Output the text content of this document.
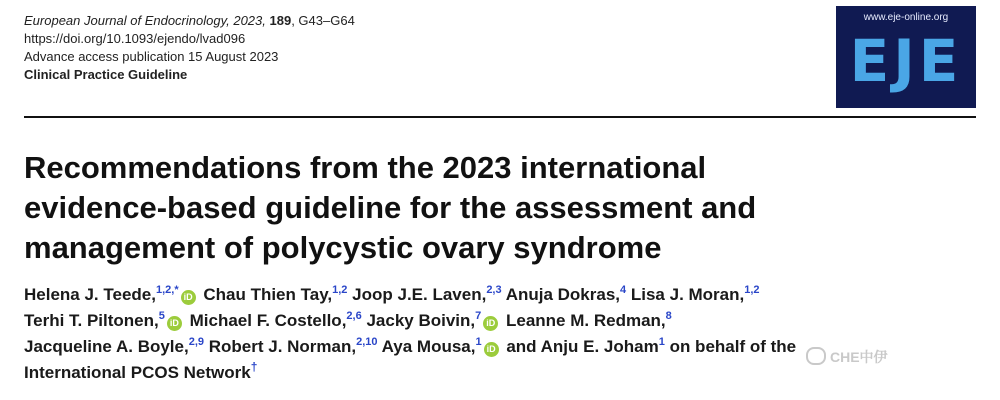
European Journal of Endocrinology, 2023, 189, G43–G64
https://doi.org/10.1093/ejendo/lvad096
Advance access publication 15 August 2023
Clinical Practice Guideline
www.eje-online.org
EJE
Recommendations from the 2023 international
evidence-based guideline for the assessment and
management of polycystic ovary syndrome
Helena J. Teede,$^{1,2,*}$iD Chau Thien Tay,$^{1,2}$ Joop J.E. Laven,$^{2,3}$ Anuja Dokras,$^4$ Lisa J. Moran,$^{1,2}$
Terhi T. Piltonen,$^5$iD Michael F. Costello,$^{2,6}$ Jacky Boivin,$^7$iD Leanne M. Redman,$^8$
Jacqueline A. Boyle,$^{2,9}$ Robert J. Norman,$^{2,10}$ Aya Mousa,$^1$iD and Anju E. Joham$^1$ on behalf of the
International PCOS Network†
CHE中伊
